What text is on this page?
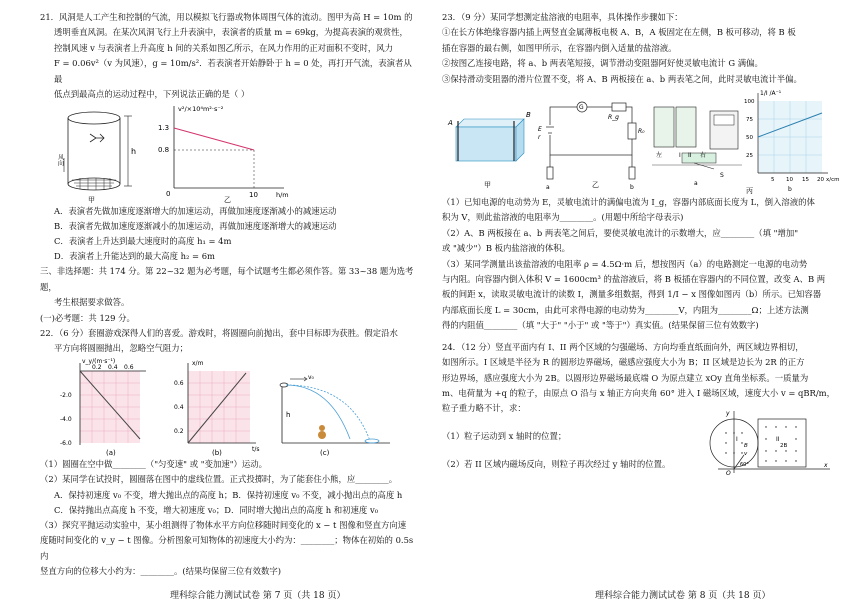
21．风洞是人工产生和控制的气流，用以模拟飞行器或物体周围气体的流动。图甲为高 H = 10m 的

透明垂直风洞。在某次风洞飞行上升表演中，表演者的质量 m = 69kg，为提高表演的观赏性，

控制风速 v 与表演者上升高度 h 间的关系如图乙所示，在风力作用的正对面积不变时，风力

F = 0.06v²（v 为风速），g = 10m/s²．若表演者开始静卧于 h = 0 处，再打开气流，表演者从最

低点到最高点的运动过程中，下列说法正确的是（ ）

h
风向
甲
v²/×10⁴m²·s⁻²
h/m
1.3
0.8
0	10
乙

A．表演者先做加速度逐渐增大的加速运动，再做加速度逐渐减小的减速运动

B．表演者先做加速度逐渐减小的加速运动，再做加速度逐渐增大的减速运动

C．表演者上升达到最大速度时的高度 h₁ = 4m

D．表演者上升能达到的最大高度 h₂ = 6m

三、非选择题：共 174 分。第 22~32 题为必考题，每个试题考生都必须作答。第 33~38 题为选考题，

考生根据要求做答。

(一)必考题：共 129 分。

22．（6 分）套圈游戏深得人们的喜爱。游戏时，将圆圈向前抛出，套中目标即为获胜。假定沿水

平方向将圆圈抛出，忽略空气阻力；

v_y/(m·s⁻¹)
0.2 0.4 0.6
-2.0
-4.0
-6.0
(a)
x/m
0.6
0.4
0.2
t/s
(b)
v₀
h
(c)

（1）圆圈在空中做________（"匀变速" 或 "变加速"）运动。

（2）某同学在试投时，圆圈落在图中的虚线位置。正式投掷时，为了能套住小熊，应________。

A．保持初速度 v₀ 不变，增大抛出点的高度 h；B．保持初速度 v₀ 不变，减小抛出点的高度 h

C．保持抛出点高度 h 不变，增大初速度 v₀；D．同时增大抛出点的高度 h 和初速度 v₀

（3）探究平抛运动实验中，某小组测得了物体水平方向位移随时间变化的 x − t 图像和竖直方向速

度随时间变化的 v_y − t 图像。分析图象可知物体的初速度大小约为：________；物体在初始的 0.5s 内

竖直方向的位移大小约为：________。(结果均保留三位有效数字)

理科综合能力测试试卷 第 7 页（共 18 页）

23．（9 分）某同学想测定盐溶液的电阻率，具体操作步骤如下：

①在长方体绝缘容器内插上两竖直金属薄板电极 A、B，A 板固定在左侧，B 板可移动，将 B 板

插在容器的最右侧，如图甲所示，在容器内倒入适量的盐溶液。

②按图乙连接电路，将 a、b 两表笔短接，调节滑动变阻器阿好使灵敏电流计 G 满偏。

③保持滑动变阻器的滑片位置不变，将 A、B 两板接在 a、b 两表笔之间，此时灵敏电流计半偏。

A
B
甲
G
E
r
R_g
R₀
a	b
乙
左	I II 右
S
a
丙
1/I /A⁻¹
100
75
50
25
5 10 15 20 x/cm
b

（1）已知电源的电动势为 E，灵敏电流计的满偏电流为 I_g，容器内部底面长度为 L，倒入溶液的体

积为 V，则此盐溶液的电阻率为________。(用题中所给字母表示)

（2）A、B 两板接在 a、b 两表笔之间后，要使灵敏电流计的示数增大，应________（填 "增加"

或 "减少"）B 板内盐溶液的体积。

（3）某同学测量出该盐溶液的电阻率 ρ = 4.5Ω·m 后，想按图丙（a）的电路测定一电源的电动势

与内阻。向容器内倒入体积 V = 1600cm³ 的盐溶液后，将 B 板插在容器内的不同位置，改变 A、B 两

板的间距 x，读取灵敏电流计的读数 I，测量多组数据，得到 1/I − x 图像如图丙（b）所示。已知容器

内部底面长度 L = 30cm，由此可求得电源的电动势为________V，内阻为________Ω；上述方法测

得的内阻值________（填 "大于" "小于" 或 "等于"）真实值。(结果保留三位有效数字)

24．（12 分）竖直平面内有 I、II 两个区域的匀强磁场、方向均垂直纸面向外，两区域边界相切，

如图所示。I 区域是半径为 R 的圆形边界磁场，磁感应强度大小为 B；II 区域是边长为 2R 的正方

形边界场，感应强度大小为 2B。以圆形边界磁场最底端 O 为原点建立 xOy 直角坐标系。一质量为

m、电荷量为 +q 的粒子，由原点 O 沿与 x 轴正方向夹角 60° 进入 I 磁场区域，速度大小 v = qBR/m，

粒子重力略不计，求：

（1）粒子运动到 x 轴时的位置；

（2）若 II 区域内磁场反向，则粒子再次经过 y 轴时的位置。

y
x
O
60°
v
I
B
II
2B
理科综合能力测试试卷 第 8 页（共 18 页）
